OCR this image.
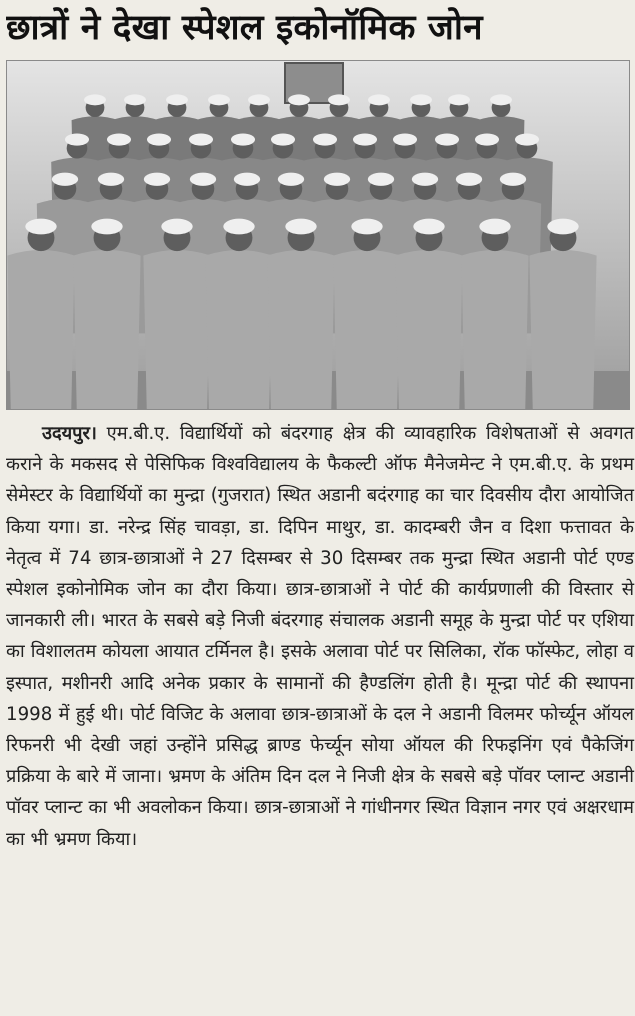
छात्रों ने देखा स्पेशल इकोनॉमिक जोन
उदयपुर। एम.बी.ए. विद्यार्थियों को बंदरगाह क्षेत्र की व्यावहारिक विशेषताओं से अवगत कराने के मकसद से पेसिफिक विश्वविद्यालय के फैकल्टी ऑफ मैनेजमेन्ट ने एम.बी.ए. के प्रथम सेमेस्टर के विद्यार्थियों का मुन्द्रा (गुजरात) स्थित अडानी बदंरगाह का चार दिवसीय दौरा आयोजित किया यगा। डा. नरेन्द्र सिंह चावड़ा, डा. दिपिन माथुर, डा. कादम्बरी जैन व दिशा फत्तावत के नेतृत्व में 74 छात्र-छात्राओं ने 27 दिसम्बर से 30 दिसम्बर तक मुन्द्रा स्थित अडानी पोर्ट एण्ड स्पेशल इकोनोमिक जोन का दौरा किया। छात्र-छात्राओं ने पोर्ट की कार्यप्रणाली की विस्तार से जानकारी ली। भारत के सबसे बड़े निजी बंदरगाह संचालक अडानी समूह के मुन्द्रा पोर्ट पर एशिया का विशालतम कोयला आयात टर्मिनल है। इसके अलावा पोर्ट पर सिलिका, रॉक फॉस्फेट, लोहा व इस्पात, मशीनरी आदि अनेक प्रकार के सामानों की हैण्डलिंग होती है। मून्द्रा पोर्ट की स्थापना 1998 में हुई थी। पोर्ट विजिट के अलावा छात्र-छात्राओं के दल ने अडानी विलमर फोर्च्यून ऑयल रिफनरी भी देखी जहां उन्होंने प्रसिद्ध ब्राण्ड फेर्च्यून सोया ऑयल की रिफइनिंग एवं पैकेजिंग प्रक्रिया के बारे में जाना। भ्रमण के अंतिम दिन दल ने निजी क्षेत्र के सबसे बड़े पॉवर प्लान्ट अडानी पॉवर प्लान्ट का भी अवलोकन किया। छात्र-छात्राओं ने गांधीनगर स्थित विज्ञान नगर एवं अक्षरधाम का भी भ्रमण किया।
